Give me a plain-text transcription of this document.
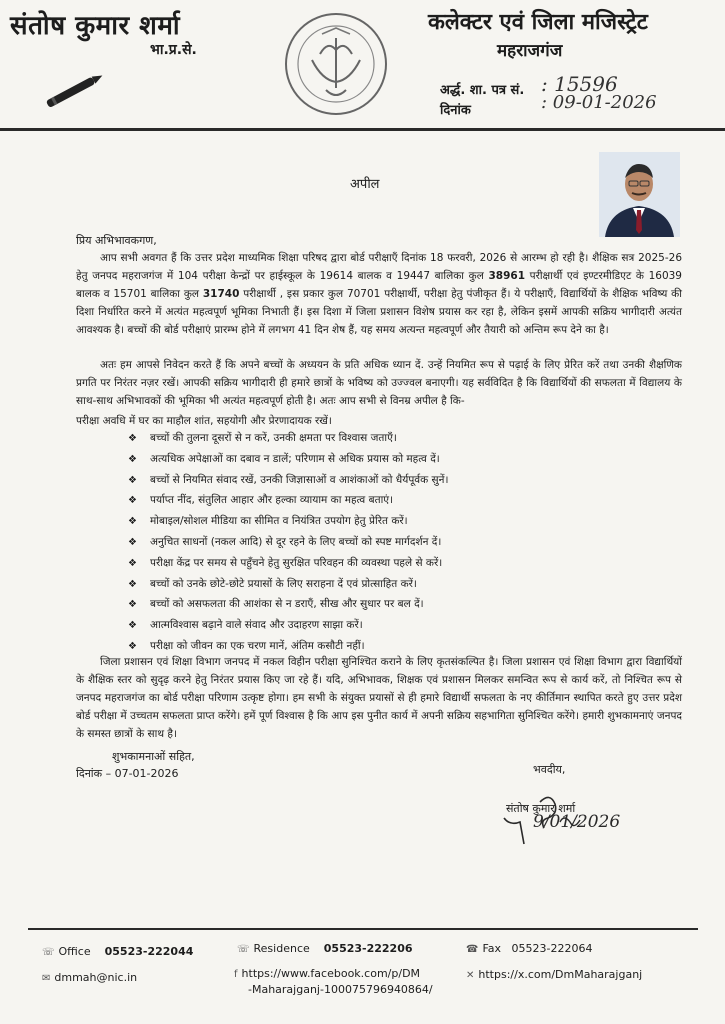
संतोष कुमार शर्मा
भा.प्र.से.
कलेक्टर एवं जिला मजिस्ट्रेट
महराजगंज
अर्द्ध. शा. पत्र सं. : 15596
दिनांक	: 09-01-2026
अपील
प्रिय अभिभावकगण,
आप सभी अवगत हैं कि उत्तर प्रदेश माध्यमिक शिक्षा परिषद द्वारा बोर्ड परीक्षाएँ दिनांक 18 फरवरी, 2026 से आरम्भ हो रही है। शैक्षिक सत्र 2025-26 हेतु जनपद महराजगंज में 104 परीक्षा केन्द्रों पर हाईस्कूल के 19614 बालक व 19447 बालिका कुल 38961 परीक्षार्थी एवं इण्टरमीडिएट के 16039 बालक व 15701 बालिका कुल 31740 परीक्षार्थी , इस प्रकार कुल 70701 परीक्षार्थी, परीक्षा हेतु पंजीकृत हैं। ये परीक्षाएँ, विद्यार्थियों के शैक्षिक भविष्य की दिशा निर्धारित करने में अत्यंत महत्वपूर्ण भूमिका निभाती हैं। इस दिशा में जिला प्रशासन विशेष प्रयास कर रहा है, लेकिन इसमें आपकी सक्रिय भागीदारी अत्यंत आवश्यक है। बच्चों की बोर्ड परीक्षाएं प्रारम्भ होने में लगभग 41 दिन शेष हैं, यह समय अत्यन्त महत्वपूर्ण और तैयारी को अन्तिम रूप देने का है।
अतः हम आपसे निवेदन करते हैं कि अपने बच्चों के अध्ययन के प्रति अधिक ध्यान दें. उन्हें नियमित रूप से पढ़ाई के लिए प्रेरित करें तथा उनकी शैक्षणिक प्रगति पर निरंतर नज़र रखें। आपकी सक्रिय भागीदारी ही हमारे छात्रों के भविष्य को उज्ज्वल बनाएगी। यह सर्वविदित है कि विद्यार्थियों की सफलता में विद्यालय के साथ-साथ अभिभावकों की भूमिका भी अत्यंत महत्वपूर्ण होती है। अतः आप सभी से विनम्र अपील है कि-
परीक्षा अवधि में घर का माहौल शांत, सहयोगी और प्रेरणादायक रखें।
❖ बच्चों की तुलना दूसरों से न करें, उनकी क्षमता पर विश्वास जताएँ।
❖ अत्यधिक अपेक्षाओं का दबाव न डालें; परिणाम से अधिक प्रयास को महत्व दें।
❖ बच्चों से नियमित संवाद रखें, उनकी जिज्ञासाओं व आशंकाओं को धैर्यपूर्वक सुनें।
❖ पर्याप्त नींद, संतुलित आहार और हल्का व्यायाम का महत्व बताएं।
❖ मोबाइल/सोशल मीडिया का सीमित व नियंत्रित उपयोग हेतु प्रेरित करें।
❖ अनुचित साधनों (नकल आदि) से दूर रहने के लिए बच्चों को स्पष्ट मार्गदर्शन दें।
❖ परीक्षा केंद्र पर समय से पहुँचने हेतु सुरक्षित परिवहन की व्यवस्था पहले से करें।
❖ बच्चों को उनके छोटे-छोटे प्रयासों के लिए सराहना दें एवं प्रोत्साहित करें।
❖ बच्चों को असफलता की आशंका से न डराएँ, सीख और सुधार पर बल दें।
❖ आत्मविश्वास बढ़ाने वाले संवाद और उदाहरण साझा करें।
❖ परीक्षा को जीवन का एक चरण मानें, अंतिम कसौटी नहीं।
जिला प्रशासन एवं शिक्षा विभाग जनपद में नकल विहीन परीक्षा सुनिश्चित कराने के लिए कृतसंकल्पित है। जिला प्रशासन एवं शिक्षा विभाग द्वारा विद्यार्थियों के शैक्षिक स्तर को सुदृढ़ करने हेतु निरंतर प्रयास किए जा रहे हैं। यदि, अभिभावक, शिक्षक एवं प्रशासन मिलकर समन्वित रूप से कार्य करें, तो निश्चित रूप से जनपद महराजगंज का बोर्ड परीक्षा परिणाम उत्कृष्ट होगा। हम सभी के संयुक्त प्रयासों से ही हमारे विद्यार्थी सफलता के नए कीर्तिमान स्थापित करते हुए उत्तर प्रदेश बोर्ड परीक्षा में उच्चतम सफलता प्राप्त करेंगे। हमें पूर्ण विश्वास है कि आप इस पुनीत कार्य में अपनी सक्रिय सहभागिता सुनिश्चित करेंगे। हमारी शुभकामनाएं जनपद के समस्त छात्रों के साथ है।
शुभकामनाओं सहित,
दिनांक – 07-01-2026	भवदीय,
संतोष कुमार शर्मा
9/01/2026
☏ Office 05523-222044	☏ Residence 05523-222206	☎ Fax 05523-222064
✉ dmmah@nic.in	f https://www.facebook.com/p/DM
-Maharajganj-100075796940864/
✕ https://x.com/DmMaharajganj
